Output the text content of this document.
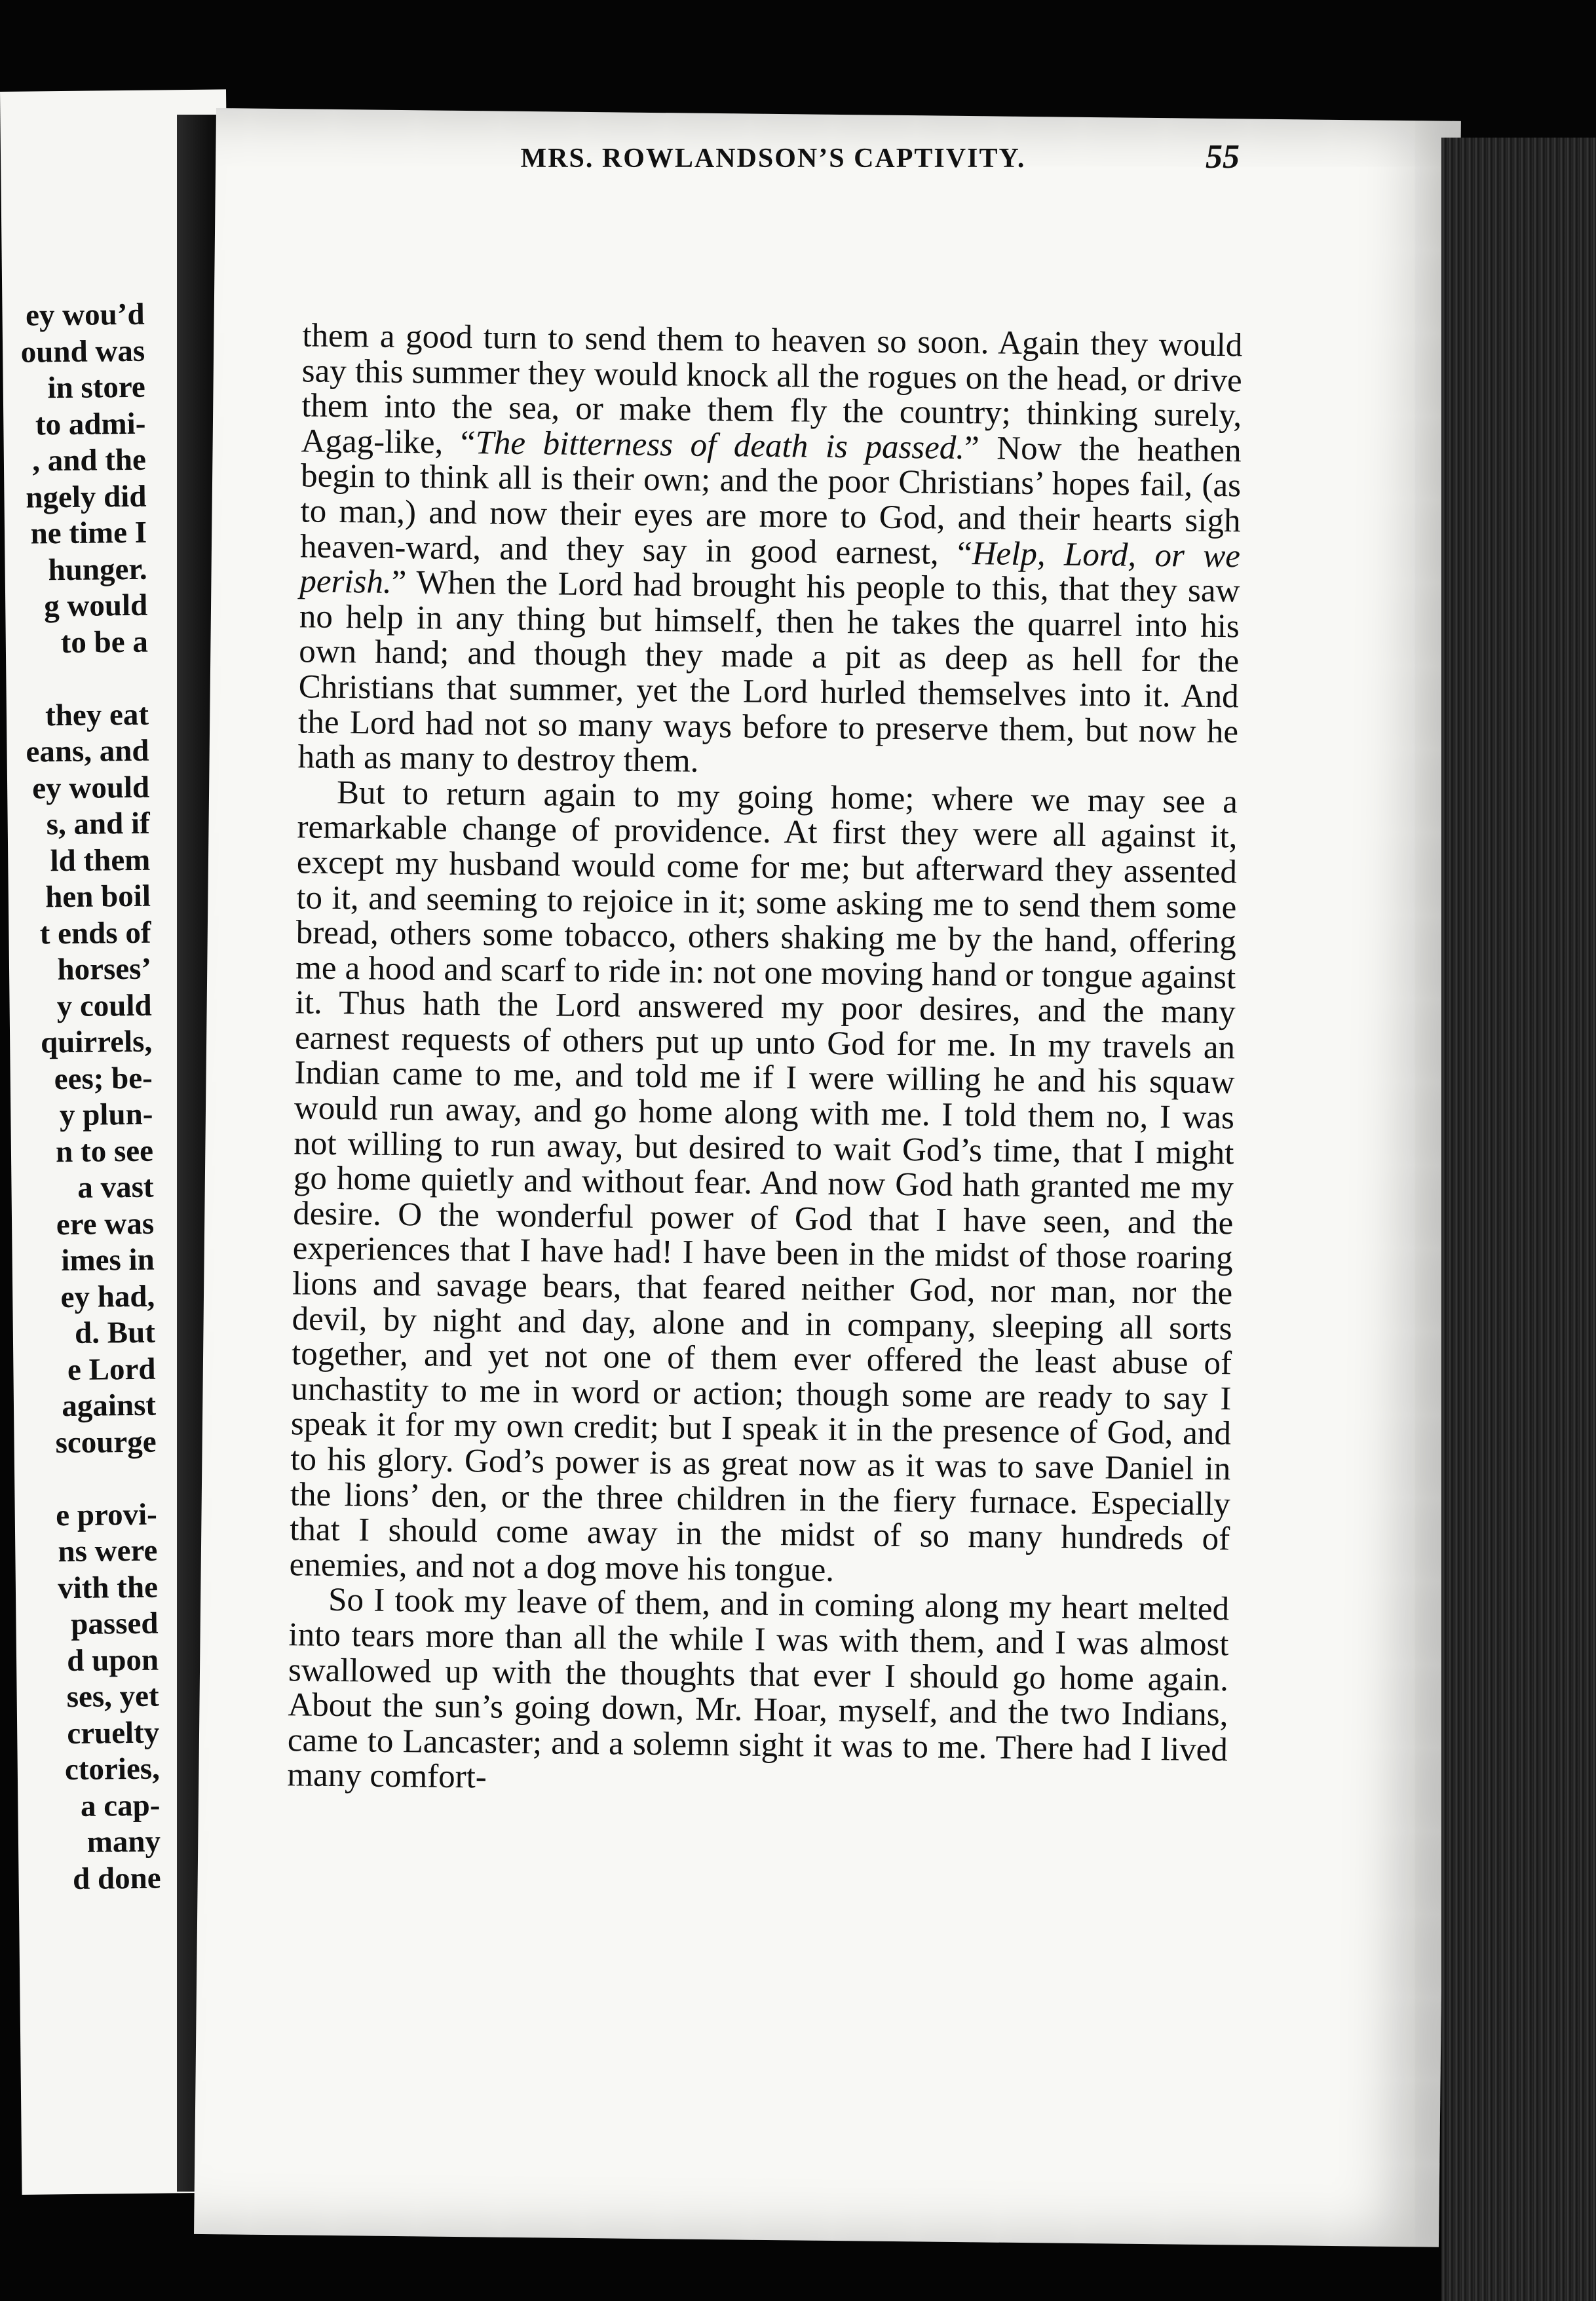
ey wou’d
ound was
in store
to admi-
, and the
ngely did
ne time I
hunger.
g would
to be a
they eat
eans, and
ey would
s, and if
ld them
hen boil
t ends of
horses’
y could
quirrels,
ees; be-
y plun-
n to see
a vast
ere was
imes in
ey had,
d. But
e Lord
against
scourge
e provi-
ns were
vith the
passed
d upon
ses, yet
cruelty
ctories,
a cap-
many
d done

them a good turn to send them to heaven so soon. Again they would say this summer they would knock all the rogues on the head, or drive them into the sea, or make them fly the country; thinking surely, Agag-like, “The bitterness of death is passed.” Now the heathen begin to think all is their own; and the poor Christians’ hopes fail, (as to man,) and now their eyes are more to God, and their hearts sigh heaven-ward, and they say in good earnest, “Help, Lord, or we perish.” When the Lord had brought his people to this, that they saw no help in any thing but himself, then he takes the quarrel into his own hand; and though they made a pit as deep as hell for the Christians that summer, yet the Lord hurled themselves into it. And the Lord had not so many ways before to preserve them, but now he hath as many to destroy them.

But to return again to my going home; where we may see a remarkable change of providence. At first they were all against it, except my husband would come for me; but afterward they assented to it, and seeming to rejoice in it; some asking me to send them some bread, others some tobacco, others shaking me by the hand, offering me a hood and scarf to ride in: not one moving hand or tongue against it. Thus hath the Lord answered my poor desires, and the many earnest requests of others put up unto God for me. In my travels an Indian came to me, and told me if I were willing he and his squaw would run away, and go home along with me. I told them no, I was not willing to run away, but desired to wait God’s time, that I might go home quietly and without fear. And now God hath granted me my desire. O the wonderful power of God that I have seen, and the experiences that I have had! I have been in the midst of those roaring lions and savage bears, that feared neither God, nor man, nor the devil, by night and day, alone and in company, sleeping all sorts together, and yet not one of them ever offered the least abuse of unchastity to me in word or action; though some are ready to say I speak it for my own credit; but I speak it in the presence of God, and to his glory. God’s power is as great now as it was to save Daniel in the lions’ den, or the three children in the fiery furnace. Especially that I should come away in the midst of so many hundreds of enemies, and not a dog move his tongue.

So I took my leave of them, and in coming along my heart melted into tears more than all the while I was with them, and I was almost swallowed up with the thoughts that ever I should go home again. About the sun’s going down, Mr. Hoar, myself, and the two Indians, came to Lancaster; and a solemn sight it was to me. There had I lived many comfort-

MRS. ROWLANDSON’S CAPTIVITY.	55
